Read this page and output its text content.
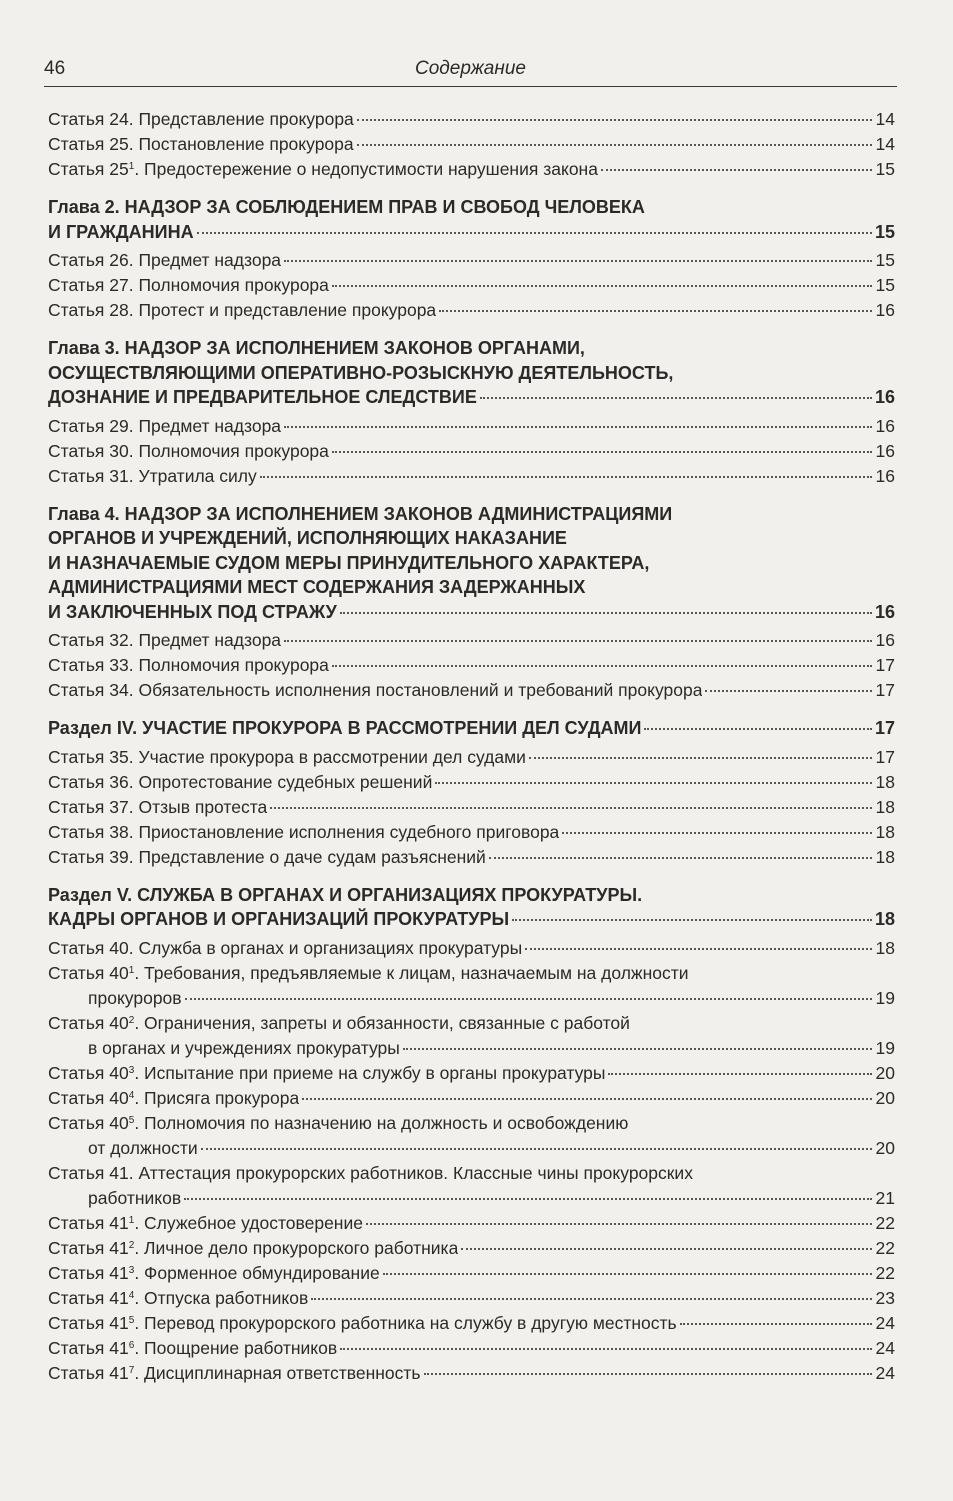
46	Содержание
Статья 24. Представление прокурора	14
Статья 25. Постановление прокурора	14
Статья $25^1$. Предостережение о недопустимости нарушения закона	15
Глава 2. НАДЗОР ЗА СОБЛЮДЕНИЕМ ПРАВ И СВОБОД ЧЕЛОВЕКА
И ГРАЖДАНИНА	15
Статья 26. Предмет надзора	15
Статья 27. Полномочия прокурора	15
Статья 28. Протест и представление прокурора	16
Глава 3. НАДЗОР ЗА ИСПОЛНЕНИЕМ ЗАКОНОВ ОРГАНАМИ,
ОСУЩЕСТВЛЯЮЩИМИ ОПЕРАТИВНО-РОЗЫСКНУЮ ДЕЯТЕЛЬНОСТЬ,
ДОЗНАНИЕ И ПРЕДВАРИТЕЛЬНОЕ СЛЕДСТВИЕ	16
Статья 29. Предмет надзора	16
Статья 30. Полномочия прокурора	16
Статья 31. Утратила силу	16
Глава 4. НАДЗОР ЗА ИСПОЛНЕНИЕМ ЗАКОНОВ АДМИНИСТРАЦИЯМИ
ОРГАНОВ И УЧРЕЖДЕНИЙ, ИСПОЛНЯЮЩИХ НАКАЗАНИЕ
И НАЗНАЧАЕМЫЕ СУДОМ МЕРЫ ПРИНУДИТЕЛЬНОГО ХАРАКТЕРА,
АДМИНИСТРАЦИЯМИ МЕСТ СОДЕРЖАНИЯ ЗАДЕРЖАННЫХ
И ЗАКЛЮЧЕННЫХ ПОД СТРАЖУ	16
Статья 32. Предмет надзора	16
Статья 33. Полномочия прокурора	17
Статья 34. Обязательность исполнения постановлений и требований прокурора	17
Раздел IV. УЧАСТИЕ ПРОКУРОРА В РАССМОТРЕНИИ ДЕЛ СУДАМИ	17
Статья 35. Участие прокурора в рассмотрении дел судами	17
Статья 36. Опротестование судебных решений	18
Статья 37. Отзыв протеста	18
Статья 38. Приостановление исполнения судебного приговора	18
Статья 39. Представление о даче судам разъяснений	18
Раздел V. СЛУЖБА В ОРГАНАХ И ОРГАНИЗАЦИЯХ ПРОКУРАТУРЫ.
КАДРЫ ОРГАНОВ И ОРГАНИЗАЦИЙ ПРОКУРАТУРЫ	18
Статья 40. Служба в органах и организациях прокуратуры	18
Статья $40^1$. Требования, предъявляемые к лицам, назначаемым на должности
прокуроров	19
Статья $40^2$. Ограничения, запреты и обязанности, связанные с работой
в органах и учреждениях прокуратуры	19
Статья $40^3$. Испытание при приеме на службу в органы прокуратуры	20
Статья $40^4$. Присяга прокурора	20
Статья $40^5$. Полномочия по назначению на должность и освобождению
от должности	20
Статья 41. Аттестация прокурорских работников. Классные чины прокурорских
работников	21
Статья $41^1$. Служебное удостоверение	22
Статья $41^2$. Личное дело прокурорского работника	22
Статья $41^3$. Форменное обмундирование	22
Статья $41^4$. Отпуска работников	23
Статья $41^5$. Перевод прокурорского работника на службу в другую местность	24
Статья $41^6$. Поощрение работников	24
Статья $41^7$. Дисциплинарная ответственность	24
